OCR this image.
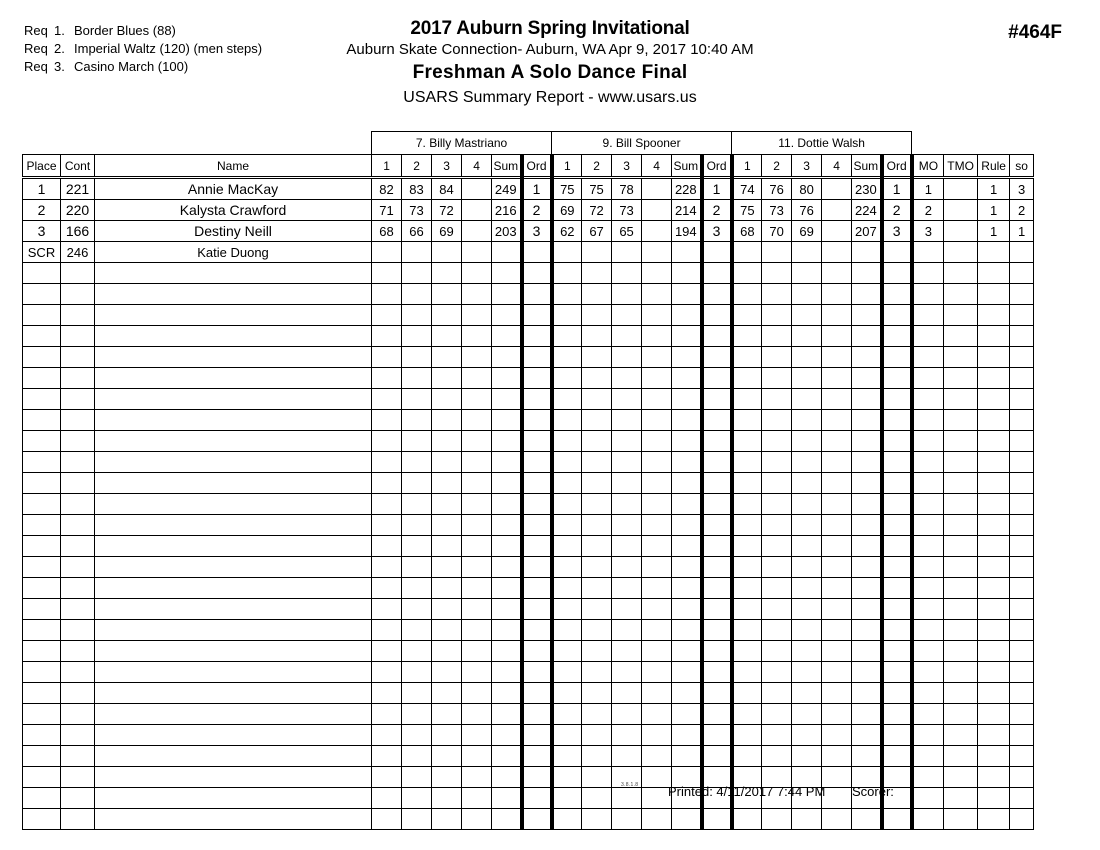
Req 1. Border Blues (88)
Req 2. Imperial Waltz (120) (men steps)
Req 3. Casino March (100)
2017 Auburn Spring Invitational
Auburn Skate Connection- Auburn, WA Apr 9, 2017 10:40 AM
Freshman A Solo Dance Final
USARS Summary Report - www.usars.us
#464F
			7. Billy Mastriano						9. Bill Spooner						11. Dottie Walsh									
Place	Cont	Name	1	2	3	4	Sum	Ord	1	2	3	4	Sum	Ord	1	2	3	4	Sum	Ord	MO	TMO	Rule	so
1	221	Annie MacKay	82	83	84		249	1	75	75	78		228	1	74	76	80		230	1	1		1	3
2	220	Kalysta Crawford	71	73	72		216	2	69	72	73		214	2	75	73	76		224	2	2		1	2
3	166	Destiny Neill	68	66	69		203	3	62	67	65		194	3	68	70	69		207	3	3		1	1
SCR	246	Katie Duong																						

3.8.1.8 Printed: 4/11/2017 7:44 PM Scorer:
